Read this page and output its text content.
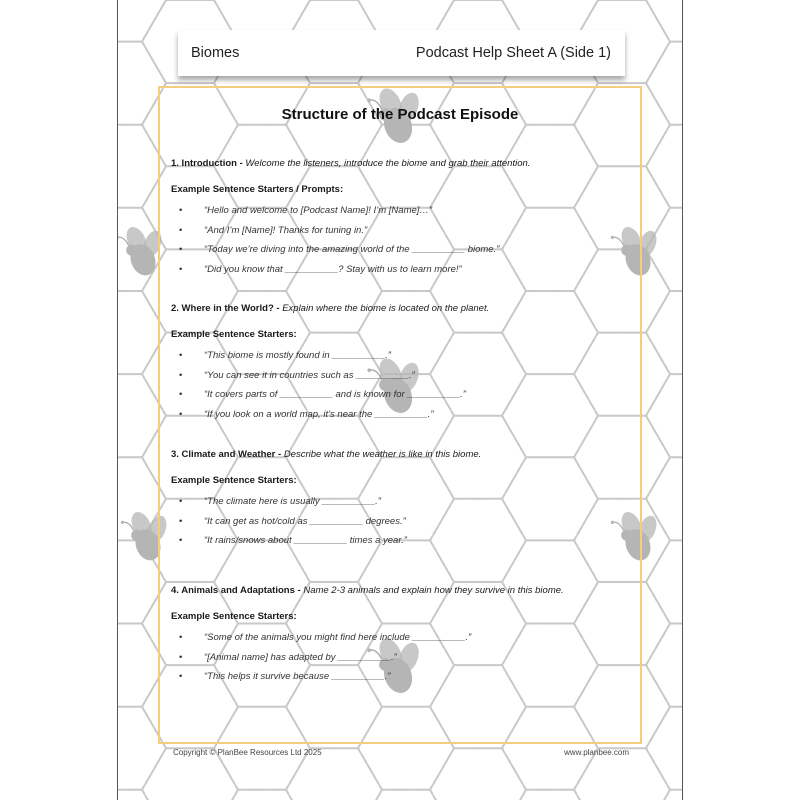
Biomes	Podcast Help Sheet A (Side 1)
Structure of the Podcast Episode
1. Introduction - Welcome the listeners, introduce the biome and grab their attention.
Example Sentence Starters / Prompts:
• “Hello and welcome to [Podcast Name]! I’m [Name]…”
• “And I’m [Name]! Thanks for tuning in.”
• “Today we’re diving into the amazing world of the __________ biome.”
• “Did you know that __________? Stay with us to learn more!”
2. Where in the World? - Explain where the biome is located on the planet.
Example Sentence Starters:
• “This biome is mostly found in __________.”
• “You can see it in countries such as __________.”
• “It covers parts of __________ and is known for __________.”
• “If you look on a world map, it’s near the __________.”
3. Climate and Weather - Describe what the weather is like in this biome.
Example Sentence Starters:
• “The climate here is usually __________.”
• “It can get as hot/cold as __________ degrees.”
• “It rains/snows about __________ times a year.”
4. Animals and Adaptations - Name 2-3 animals and explain how they survive in this biome.
Example Sentence Starters:
• “Some of the animals you might find here include __________.”
• “[Animal name] has adapted by __________.”
• “This helps it survive because __________.”
Copyright © PlanBee Resources Ltd 2025	www.planbee.com
